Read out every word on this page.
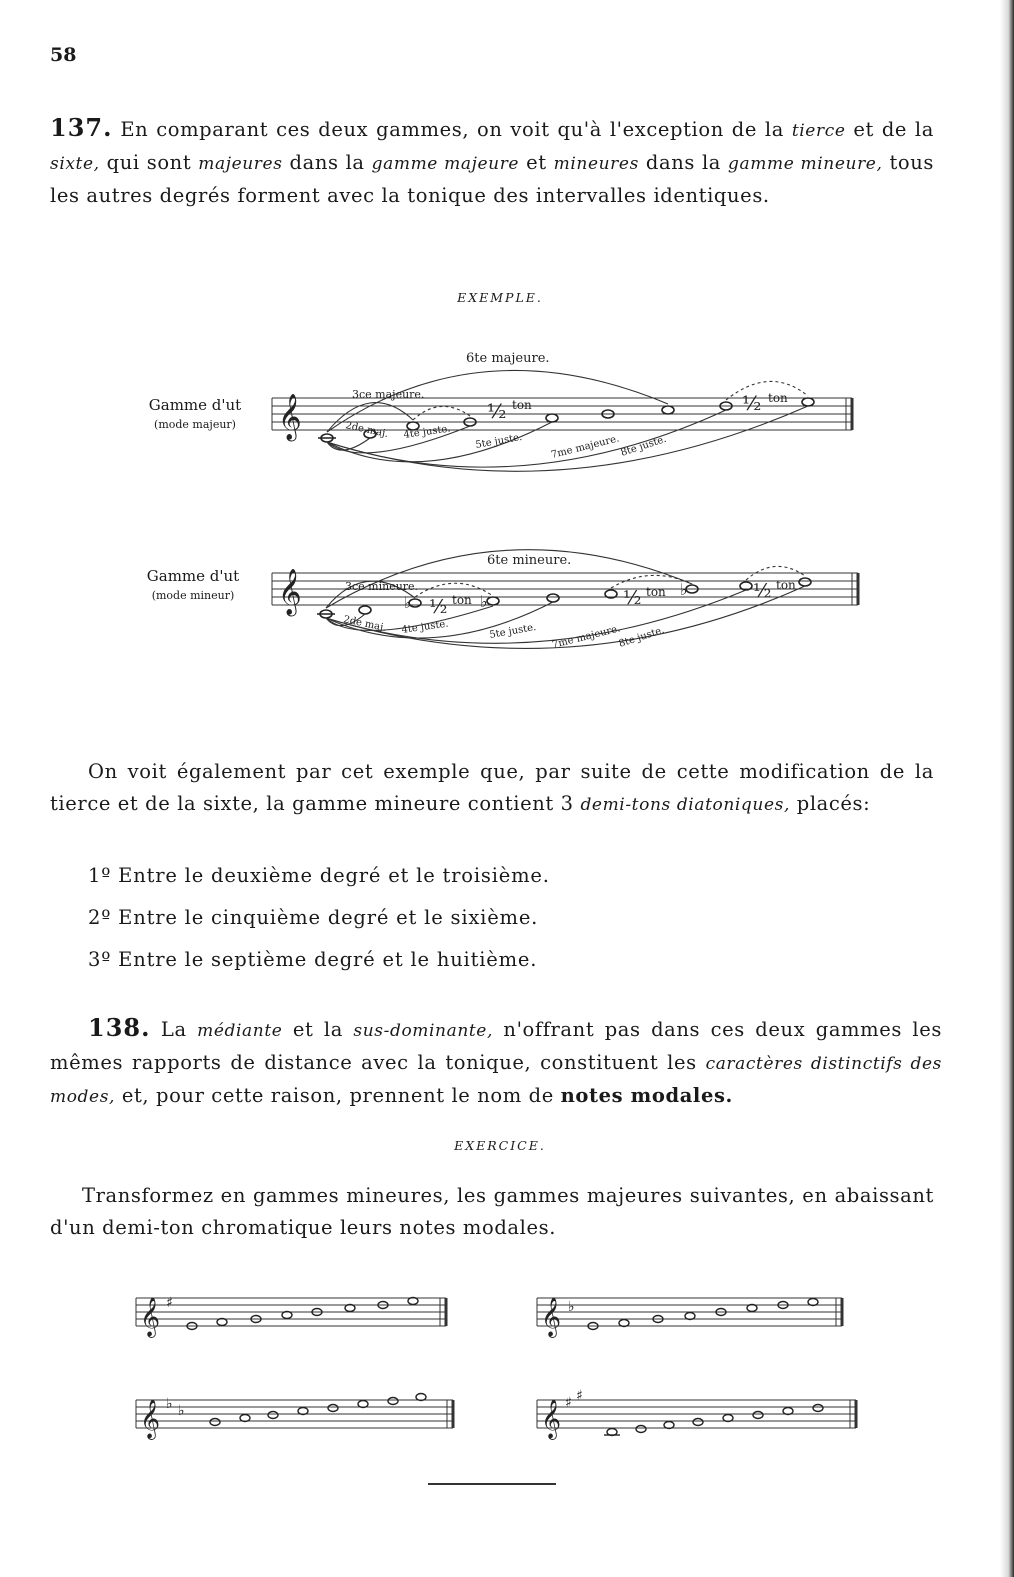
58
137. En comparant ces deux gammes, on voit qu'à l'exception de la tierce et de la sixte, qui sont majeures dans la gamme majeure et mineures dans la gamme mineure, tous les autres degrés forment avec la tonique des intervalles identiques.
EXEMPLE.
Gamme d'ut
(mode majeur)	𝄞
6te majeure.
3ce majeure.
2de maj. 4te juste. 5te juste.	7me majeure. 8te juste.
½ ton	½ ton
Gamme d'ut
(mode mineur)	𝄞	♭	♭
♭
6te mineure.
3ce mineure.
2de maj. 4te juste.	5te juste. 7me majeure.
8te juste.
½ ton	½ ton	½ ton
On voit également par cet exemple que, par suite de cette modification de la tierce et de la sixte, la gamme mineure contient 3 demi-tons diatoniques, placés:
1º Entre le deuxième degré et le troisième.
2º Entre le cinquième degré et le sixième.
3º Entre le septième degré et le huitième.
138. La médiante et la sus-dominante, n'offrant pas dans ces deux gammes les mêmes rapports de distance avec la tonique, constituent les caractères distinctifs des modes, et, pour cette raison, prennent le nom de notes modales.
EXERCICE.
Transformez en gammes mineures, les gammes majeures suivantes, en abaissant d'un demi-ton chromatique leurs notes modales.
𝄞	𝄞
𝄞	𝄞
♯	♭
♭ ♭	♯ ♯
